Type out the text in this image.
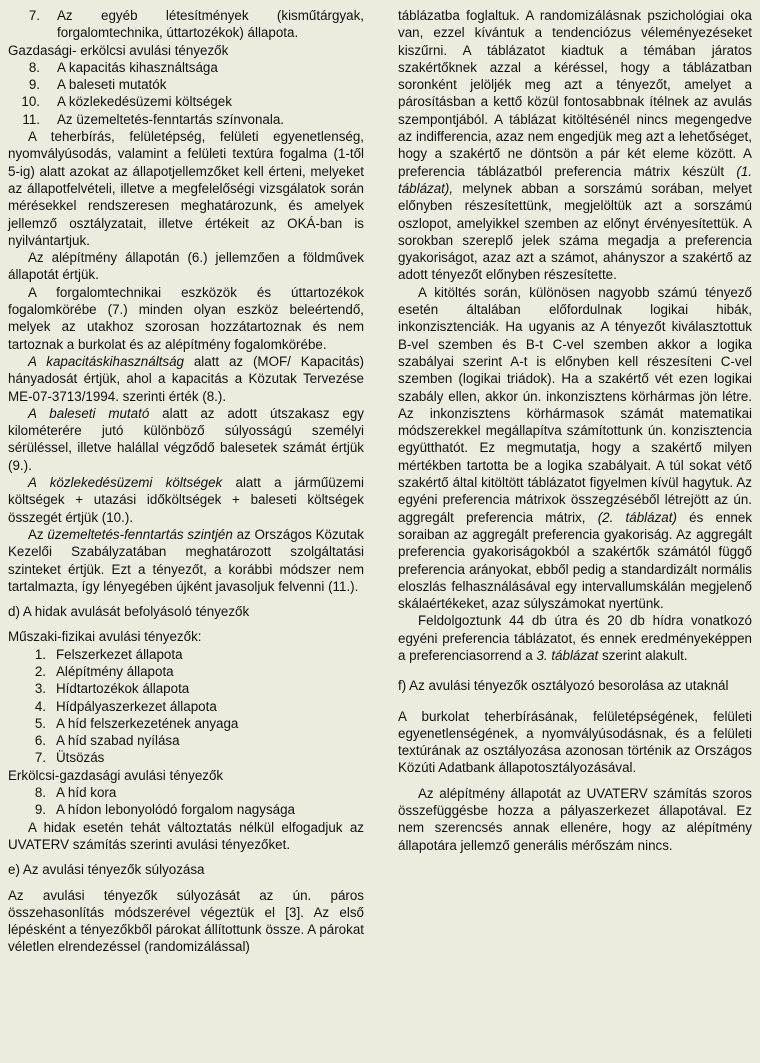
7.	Az egyéb létesítmények (kisműtárgyak, forgalomtechnika, úttartozékok) állapota.

Gazdasági- erkölcsi avulási tényezők

8.	A kapacitás kihasználtsága
9.	A baleseti mutatók
10.	A közlekedésüzemi költségek
11.	Az üzemeltetés-fenntartás színvonala.

A teherbírás, felületépség, felületi egyenetlenség, nyomvályúsodás, valamint a felületi textúra fogalma (1-től 5-ig) alatt azokat az állapotjellemzőket kell érteni, melyeket az állapotfelvételi, illetve a megfelelőségi vizsgálatok során mérésekkel rendszeresen meghatározunk, és amelyek jellemző osztályzatait, illetve értékeit az OKÁ-ban is nyilvántartjuk.

Az alépítmény állapotán (6.) jellemzően a földművek állapotát értjük.

A forgalomtechnikai eszközök és úttartozékok fogalomkörébe (7.) minden olyan eszköz beleértendő, melyek az utakhoz szorosan hozzátartoznak és nem tartoznak a burkolat és az alépítmény fogalomkörébe.

A kapacitáskihasználtság alatt az (MOF/ Kapacitás) hányadosát értjük, ahol a kapacitás a Közutak Tervezése ME-07-3713/1994. szerinti érték (8.).

A baleseti mutató alatt az adott útszakasz egy kilométerére jutó különböző súlyosságú személyi sérüléssel, illetve halállal végződő balesetek számát értjük (9.).

A közlekedésüzemi költségek alatt a járműüzemi költségek + utazási időköltségek + baleseti költségek összegét értjük (10.).

Az üzemeltetés-fenntartás szintjén az Országos Közutak Kezelői Szabályzatában meghatározott szolgáltatási szinteket értjük. Ezt a tényezőt, a korábbi módszer nem tartalmazta, így lényegében újként javasoljuk felvenni (11.).

d) A hidak avulását befolyásoló tényezők

Műszaki-fizikai avulási tényezők:

1. Felszerkezet állapota
2. Alépítmény állapota
3. Hídtartozékok állapota
4. Hídpályaszerkezet állapota
5. A híd felszerkezetének anyaga
6. A híd szabad nyílása
7. Ütsözás

Erkölcsi-gazdasági avulási tényezők

8. A híd kora
9. A hídon lebonyolódó forgalom nagysága

A hidak esetén tehát változtatás nélkül elfogadjuk az UVATERV számítás szerinti avulási tényezőket.

e) Az avulási tényezők súlyozása

Az avulási tényezők súlyozását az ún. páros összehasonlítás módszerével végeztük el [3]. Az első lépésként a tényezőkből párokat állítottunk össze. A párokat véletlen elrendezéssel (randomizálással)

táblázatba foglaltuk. A randomizálásnak pszichológiai oka van, ezzel kívántuk a tendenciózus véleményezéseket kiszűrni. A táblázatot kiadtuk a témában járatos szakértőknek azzal a kéréssel, hogy a táblázatban soronként jelöljék meg azt a tényezőt, amelyet a párosításban a kettő közül fontosabbnak ítélnek az avulás szempontjából. A táblázat kitöltésénél nincs megengedve az indifferencia, azaz nem engedjük meg azt a lehetőséget, hogy a szakértő ne döntsön a pár két eleme között. A preferencia táblázatból preferencia mátrix készült (1. táblázat), melynek abban a sorszámú sorában, melyet előnyben részesítettünk, megjelöltük azt a sorszámú oszlopot, amelyikkel szemben az előnyt érvényesítettük. A sorokban szereplő jelek száma megadja a preferencia gyakoriságot, azaz azt a számot, ahányszor a szakértő az adott tényezőt előnyben részesítette.

A kitöltés során, különösen nagyobb számú tényező esetén általában előfordulnak logikai hibák, inkonzisztenciák. Ha ugyanis az A tényezőt kiválasztottuk B-vel szemben és B-t C-vel szemben akkor a logika szabályai szerint A-t is előnyben kell részesíteni C-vel szemben (logikai triádok). Ha a szakértő vét ezen logikai szabály ellen, akkor ún. inkonzisztens körhármas jön létre. Az inkonzisztens körhármasok számát matematikai módszerekkel megállapítva számítottunk ún. konzisztencia együtthatót. Ez megmutatja, hogy a szakértő milyen mértékben tartotta be a logika szabályait. A túl sokat vétő szakértő által kitöltött táblázatot figyelmen kívül hagytuk. Az egyéni preferencia mátrixok összegzéséből létrejött az ún. aggregált preferencia mátrix, (2. táblázat) és ennek soraiban az aggregált preferencia gyakoriság. Az aggregált preferencia gyakoriságokból a szakértők számától függő preferencia arányokat, ebből pedig a standardizált normális eloszlás felhasználásával egy intervallumskálán megjelenő skálaértékeket, azaz súlyszámokat nyertünk.

Feldolgoztunk 44 db útra és 20 db hídra vonatkozó egyéni preferencia táblázatot, és ennek eredményeképpen a preferenciasorrend a 3. táblázat szerint alakult.

f) Az avulási tényezők osztályozó besorolása az utaknál

A burkolat teherbírásának, felületépségének, felületi egyenetlenségének, a nyomvályúsodásnak, és a felületi textúrának az osztályozása azonosan történik az Országos Közúti Adatbank állapotosztályozásával.

Az alépítmény állapotát az UVATERV számítás szoros összefüggésbe hozza a pályaszerkezet állapotával. Ez nem szerencsés annak ellenére, hogy az alépítmény állapotára jellemző generális mérőszám nincs.
